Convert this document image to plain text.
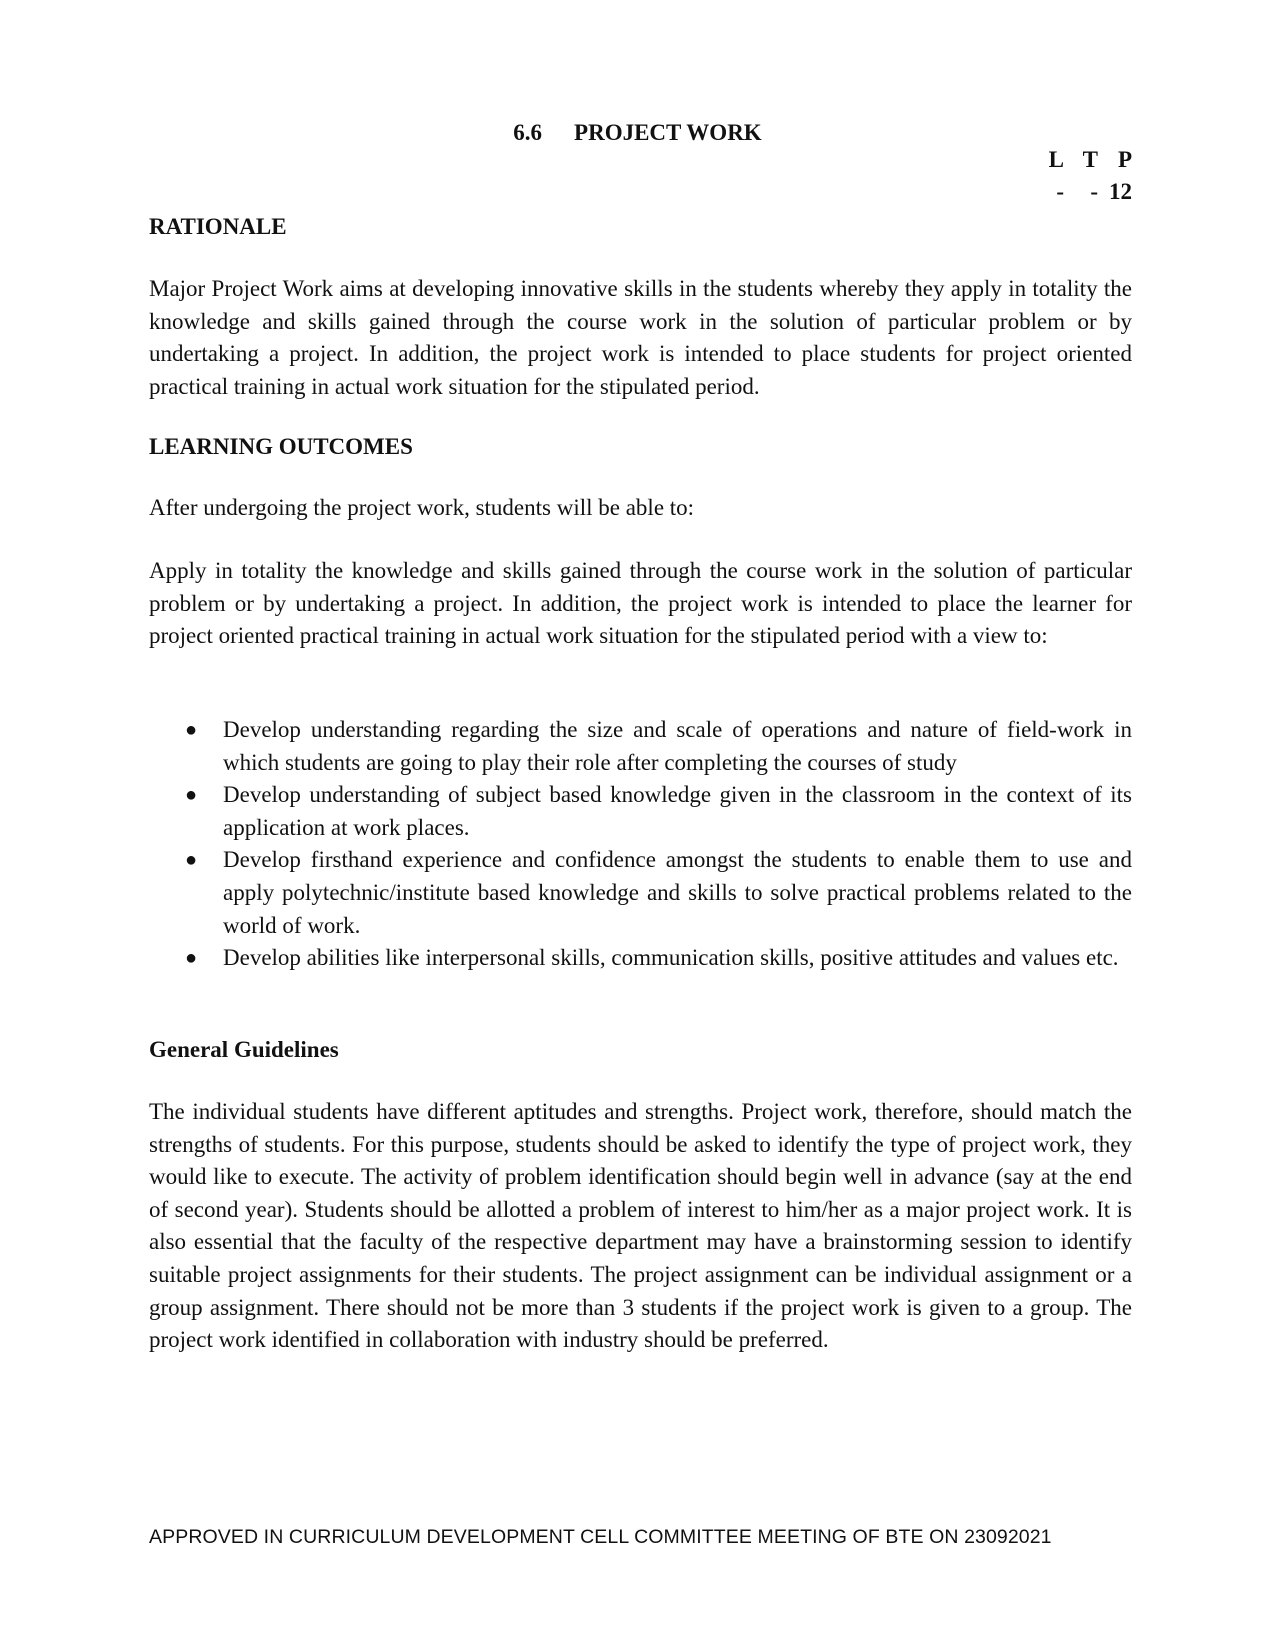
6.6 PROJECT WORK
L T P
-	- 12
RATIONALE
Major Project Work aims at developing innovative skills in the students whereby they apply in totality the knowledge and skills gained through the course work in the solution of particular problem or by undertaking a project. In addition, the project work is intended to place students for project oriented practical training in actual work situation for the stipulated period.
LEARNING OUTCOMES
After undergoing the project work, students will be able to:
Apply in totality the knowledge and skills gained through the course work in the solution of particular problem or by undertaking a project. In addition, the project work is intended to place the learner for project oriented practical training in actual work situation for the stipulated period with a view to:
● Develop understanding regarding the size and scale of operations and nature of field-work in which students are going to play their role after completing the courses of study
● Develop understanding of subject based knowledge given in the classroom in the context of its application at work places.
● Develop firsthand experience and confidence amongst the students to enable them to use and apply polytechnic/institute based knowledge and skills to solve practical problems related to the world of work.
● Develop abilities like interpersonal skills, communication skills, positive attitudes and values etc.
General Guidelines
The individual students have different aptitudes and strengths. Project work, therefore, should match the strengths of students. For this purpose, students should be asked to identify the type of project work, they would like to execute. The activity of problem identification should begin well in advance (say at the end of second year). Students should be allotted a problem of interest to him/her as a major project work. It is also essential that the faculty of the respective department may have a brainstorming session to identify suitable project assignments for their students. The project assignment can be individual assignment or a group assignment. There should not be more than 3 students if the project work is given to a group. The project work identified in collaboration with industry should be preferred.
APPROVED IN CURRICULUM DEVELOPMENT CELL COMMITTEE MEETING OF BTE ON 23092021
